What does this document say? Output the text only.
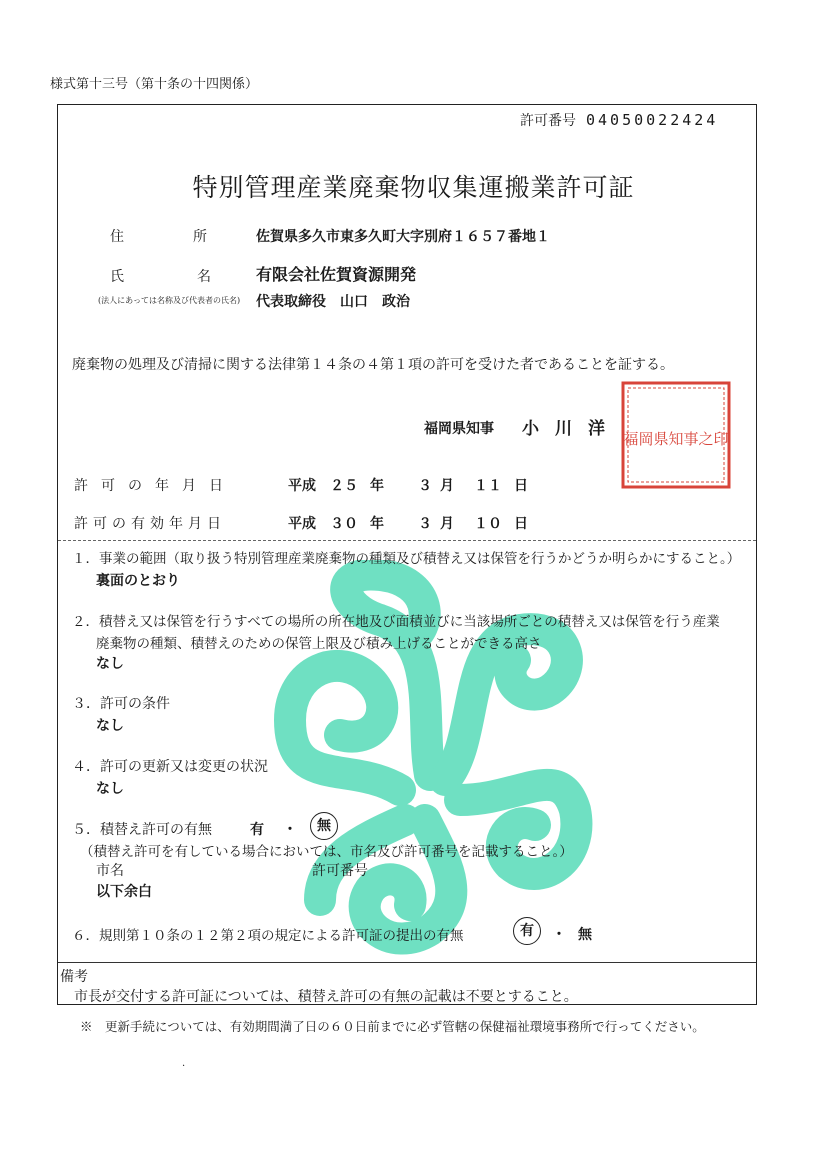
様式第十三号（第十条の十四関係）
許可番号 04050022424
特別管理産業廃棄物収集運搬業許可証
住	所	佐賀県多久市東多久町大字別府１６５７番地１
氏	名
(法人にあっては名称及び代表者の氏名)
有限会社佐賀資源開発
代表取締役　山口　政治
廃棄物の処理及び清掃に関する法律第１４条の４第１項の許可を受けた者であることを証する。
福岡県知事 小川洋 福岡県知事之印
許可の年月日	平成 ２５ 年 ３ 月 １１ 日
許可の有効年月日	平成 ３０ 年 ３ 月 １０ 日
１．事業の範囲（取り扱う特別管理産業廃棄物の種類及び積替え又は保管を行うかどうか明らかにすること。）
裏面のとおり
２．積替え又は保管を行うすべての場所の所在地及び面積並びに当該場所ごとの積替え又は保管を行う産業
廃棄物の種類、積替えのための保管上限及び積み上げることができる高さ
なし
３．許可の条件
なし
４．許可の更新又は変更の状況
なし
５．積替え許可の有無	有 ・	無
（積替え許可を有している場合においては、市名及び許可番号を記載すること。）
市名	許可番号
以下余白
６．規則第１０条の１２第２項の規定による許可証の提出の有無	有	・ 無
備考
市長が交付する許可証については、積替え許可の有無の記載は不要とすること。
※　更新手続については、有効期間満了日の６０日前までに必ず管轄の保健福祉環境事務所で行ってください。
.
